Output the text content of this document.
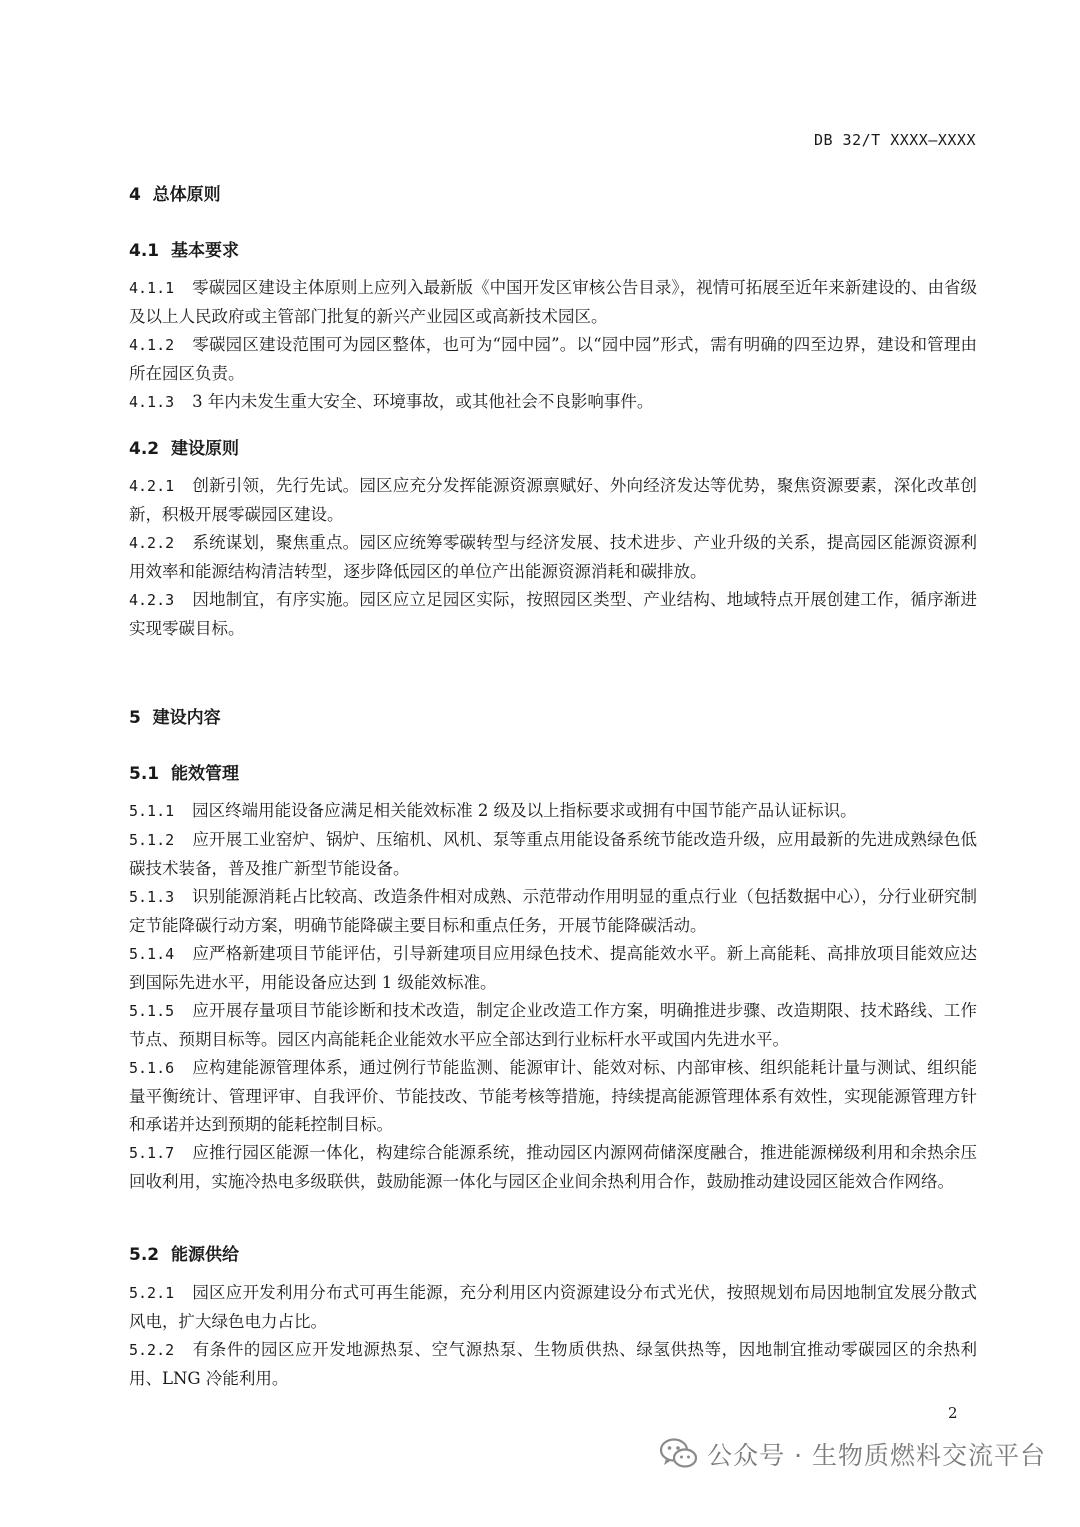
DB 32/T XXXX—XXXX
4  总体原则
4.1  基本要求
4.1.1 零碳园区建设主体原则上应列入最新版《中国开发区审核公告目录》，视情可拓展至近年来新建设的、由省级及以上人民政府或主管部门批复的新兴产业园区或高新技术园区。
4.1.2 零碳园区建设范围可为园区整体，也可为“园中园”。以“园中园”形式，需有明确的四至边界，建设和管理由所在园区负责。
4.1.3 3 年内未发生重大安全、环境事故，或其他社会不良影响事件。
4.2  建设原则
4.2.1 创新引领，先行先试。园区应充分发挥能源资源禀赋好、外向经济发达等优势，聚焦资源要素，深化改革创新，积极开展零碳园区建设。
4.2.2 系统谋划，聚焦重点。园区应统筹零碳转型与经济发展、技术进步、产业升级的关系，提高园区能源资源利用效率和能源结构清洁转型，逐步降低园区的单位产出能源资源消耗和碳排放。
4.2.3 因地制宜，有序实施。园区应立足园区实际，按照园区类型、产业结构、地域特点开展创建工作，循序渐进实现零碳目标。
5  建设内容
5.1  能效管理
5.1.1 园区终端用能设备应满足相关能效标准 2 级及以上指标要求或拥有中国节能产品认证标识。
5.1.2 应开展工业窑炉、锅炉、压缩机、风机、泵等重点用能设备系统节能改造升级，应用最新的先进成熟绿色低碳技术装备，普及推广新型节能设备。
5.1.3 识别能源消耗占比较高、改造条件相对成熟、示范带动作用明显的重点行业（包括数据中心），分行业研究制定节能降碳行动方案，明确节能降碳主要目标和重点任务，开展节能降碳活动。
5.1.4 应严格新建项目节能评估，引导新建项目应用绿色技术、提高能效水平。新上高能耗、高排放项目能效应达到国际先进水平，用能设备应达到 1 级能效标准。
5.1.5 应开展存量项目节能诊断和技术改造，制定企业改造工作方案，明确推进步骤、改造期限、技术路线、工作节点、预期目标等。园区内高能耗企业能效水平应全部达到行业标杆水平或国内先进水平。
5.1.6 应构建能源管理体系，通过例行节能监测、能源审计、能效对标、内部审核、组织能耗计量与测试、组织能量平衡统计、管理评审、自我评价、节能技改、节能考核等措施，持续提高能源管理体系有效性，实现能源管理方针和承诺并达到预期的能耗控制目标。
5.1.7 应推行园区能源一体化，构建综合能源系统，推动园区内源网荷储深度融合，推进能源梯级利用和余热余压回收利用，实施冷热电多级联供，鼓励能源一体化与园区企业间余热利用合作，鼓励推动建设园区能效合作网络。
5.2  能源供给
5.2.1 园区应开发利用分布式可再生能源，充分利用区内资源建设分布式光伏，按照规划布局因地制宜发展分散式风电，扩大绿色电力占比。
5.2.2 有条件的园区应开发地源热泵、空气源热泵、生物质供热、绿氢供热等，因地制宜推动零碳园区的余热利用、LNG 冷能利用。
2
公众号 · 生物质燃料交流平台
